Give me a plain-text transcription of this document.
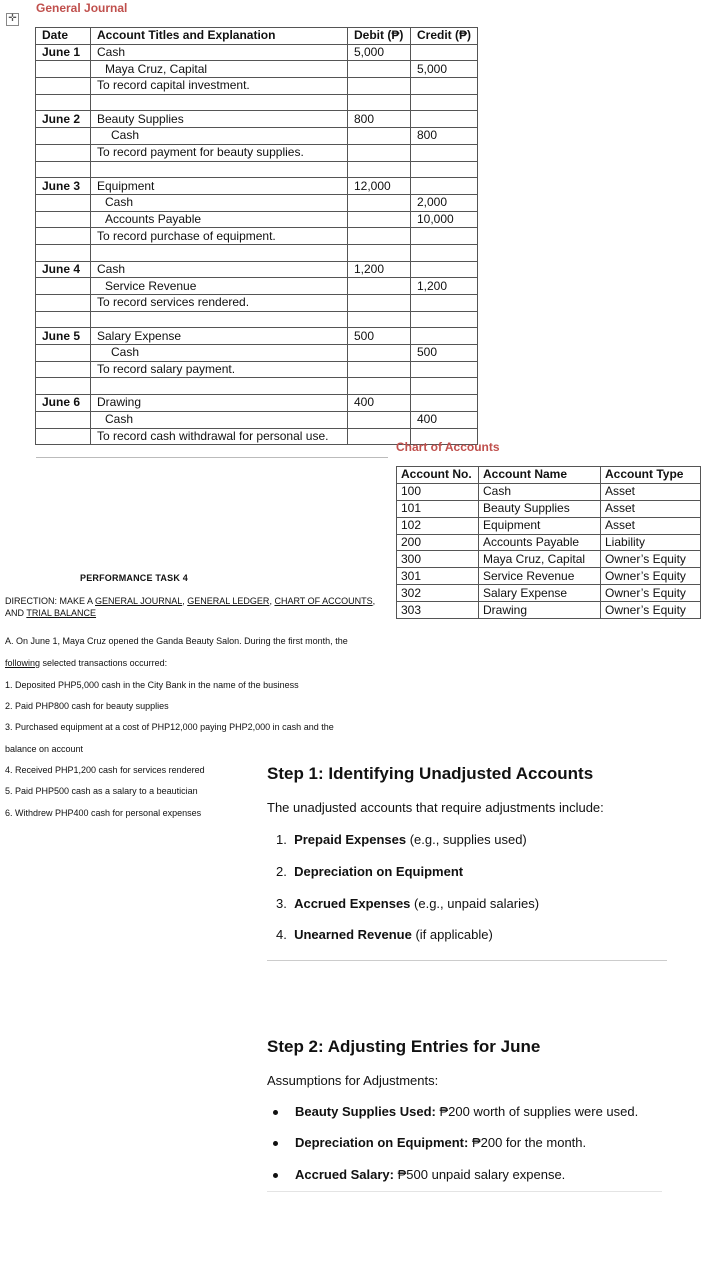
General Journal
✛
Date	Account Titles and Explanation	Debit (₱)	Credit (₱)
June 1	Cash	5,000	
	Maya Cruz, Capital		5,000
	To record capital investment.		

June 2	Beauty Supplies	800	
	Cash		800
	To record payment for beauty supplies.		

June 3	Equipment	12,000	
	Cash		2,000
	Accounts Payable		10,000
	To record purchase of equipment.		

June 4	Cash	1,200	
	Service Revenue		1,200
	To record services rendered.		

June 5	Salary Expense	500	
	Cash		500
	To record salary payment.		

June 6	Drawing	400	
	Cash		400
	To record cash withdrawal for personal use.		
Chart of Accounts
Account No.	Account Name	Account Type
100	Cash	Asset
101	Beauty Supplies	Asset
102	Equipment	Asset
200	Accounts Payable	Liability
300	Maya Cruz, Capital	Owner’s Equity
301	Service Revenue	Owner’s Equity
302	Salary Expense	Owner’s Equity
303	Drawing	Owner’s Equity
PERFORMANCE TASK 4
DIRECTION: MAKE A GENERAL JOURNAL, GENERAL LEDGER, CHART OF ACCOUNTS,
AND TRIAL BALANCE
A. On June 1, Maya Cruz opened the Ganda Beauty Salon. During the first month, the
following selected transactions occurred:
1. Deposited PHP5,000 cash in the City Bank in the name of the business
2. Paid PHP800 cash for beauty supplies
3. Purchased equipment at a cost of PHP12,000 paying PHP2,000 in cash and the
balance on account
4. Received PHP1,200 cash for services rendered
5. Paid PHP500 cash as a salary to a beautician
6. Withdrew PHP400 cash for personal expenses
Step 1: Identifying Unadjusted Accounts
The unadjusted accounts that require adjustments include:
1. Prepaid Expenses (e.g., supplies used)
2. Depreciation on Equipment
3. Accrued Expenses (e.g., unpaid salaries)
4. Unearned Revenue (if applicable)
Step 2: Adjusting Entries for June
Assumptions for Adjustments:
Beauty Supplies Used: ₱200 worth of supplies were used.
Depreciation on Equipment: ₱200 for the month.
Accrued Salary: ₱500 unpaid salary expense.
